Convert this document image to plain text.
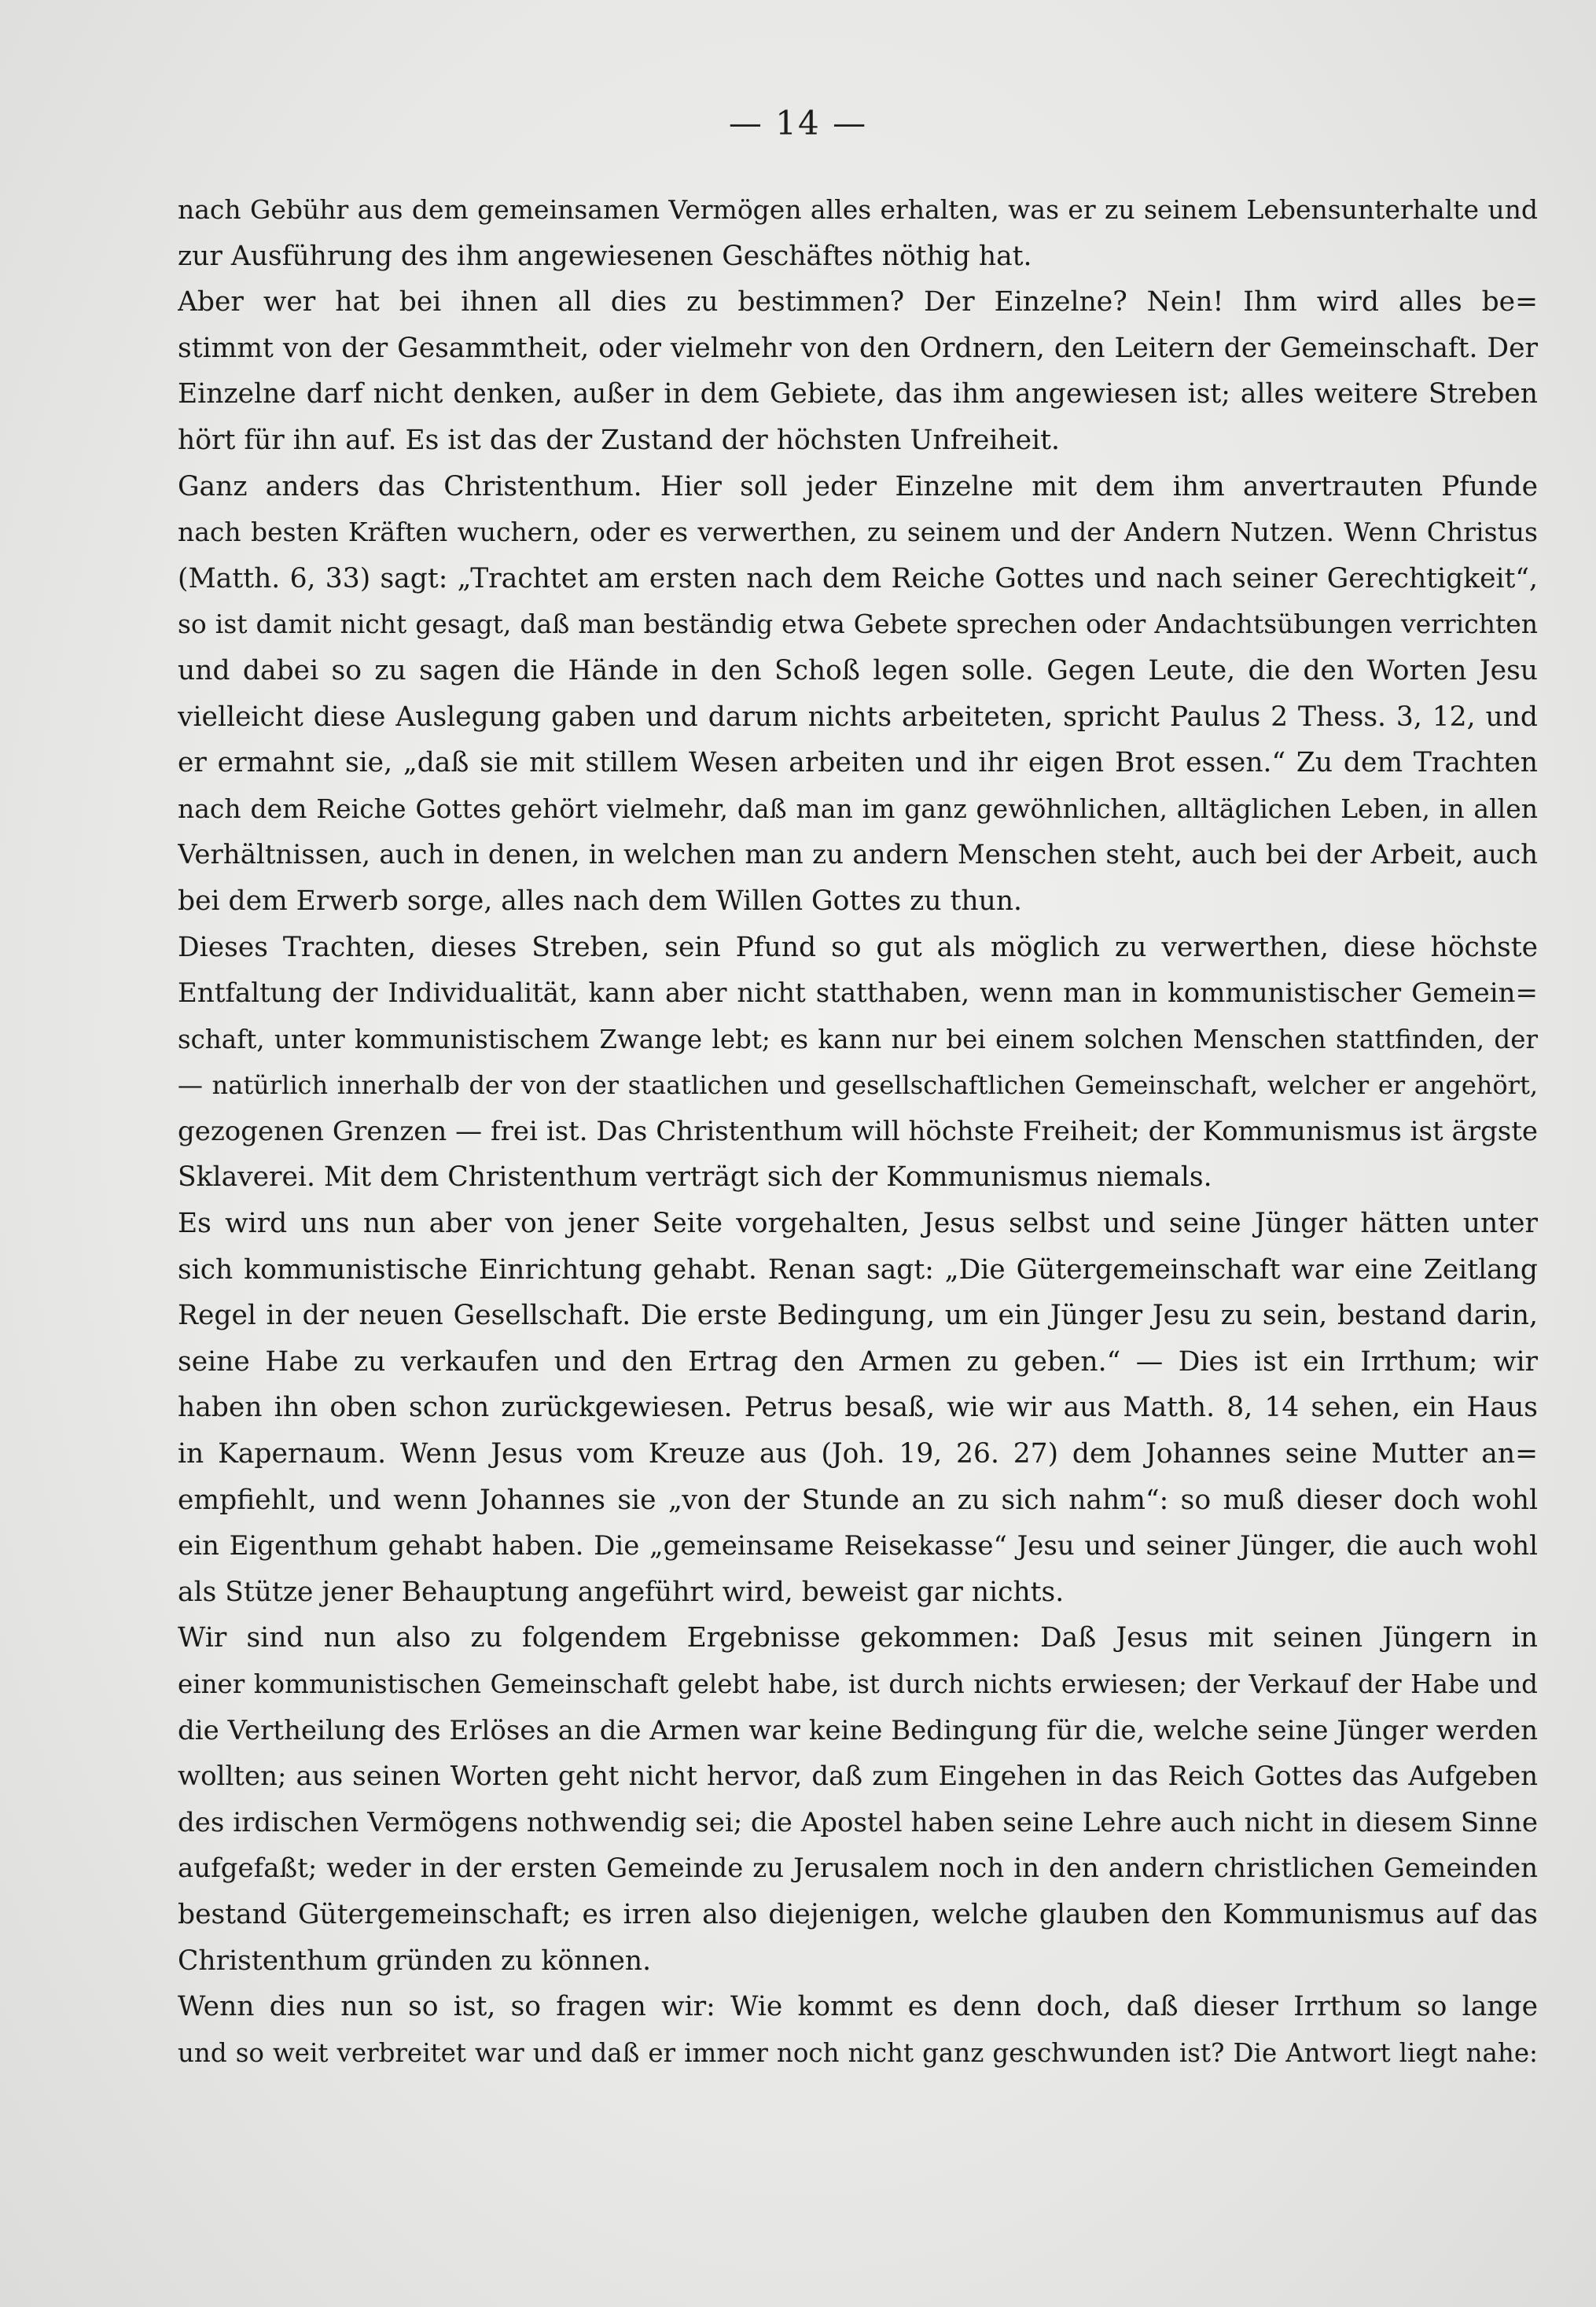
— 14 —
nach Gebühr aus dem gemeinsamen Vermögen alles erhalten, was er zu seinem Lebensunterhalte und
zur Ausführung des ihm angewiesenen Geschäftes nöthig hat.
Aber wer hat bei ihnen all dies zu bestimmen? Der Einzelne? Nein! Ihm wird alles be=
stimmt von der Gesammtheit, oder vielmehr von den Ordnern, den Leitern der Gemeinschaft. Der
Einzelne darf nicht denken, außer in dem Gebiete, das ihm angewiesen ist; alles weitere Streben
hört für ihn auf. Es ist das der Zustand der höchsten Unfreiheit.
Ganz anders das Christenthum. Hier soll jeder Einzelne mit dem ihm anvertrauten Pfunde
nach besten Kräften wuchern, oder es verwerthen, zu seinem und der Andern Nutzen. Wenn Christus
(Matth. 6, 33) sagt: „Trachtet am ersten nach dem Reiche Gottes und nach seiner Gerechtigkeit“,
so ist damit nicht gesagt, daß man beständig etwa Gebete sprechen oder Andachtsübungen verrichten
und dabei so zu sagen die Hände in den Schoß legen solle. Gegen Leute, die den Worten Jesu
vielleicht diese Auslegung gaben und darum nichts arbeiteten, spricht Paulus 2 Thess. 3, 12, und
er ermahnt sie, „daß sie mit stillem Wesen arbeiten und ihr eigen Brot essen.“ Zu dem Trachten
nach dem Reiche Gottes gehört vielmehr, daß man im ganz gewöhnlichen, alltäglichen Leben, in allen
Verhältnissen, auch in denen, in welchen man zu andern Menschen steht, auch bei der Arbeit, auch
bei dem Erwerb sorge, alles nach dem Willen Gottes zu thun.
Dieses Trachten, dieses Streben, sein Pfund so gut als möglich zu verwerthen, diese höchste
Entfaltung der Individualität, kann aber nicht statthaben, wenn man in kommunistischer Gemein=
schaft, unter kommunistischem Zwange lebt; es kann nur bei einem solchen Menschen stattfinden, der
— natürlich innerhalb der von der staatlichen und gesellschaftlichen Gemeinschaft, welcher er angehört,
gezogenen Grenzen — frei ist. Das Christenthum will höchste Freiheit; der Kommunismus ist ärgste
Sklaverei. Mit dem Christenthum verträgt sich der Kommunismus niemals.
Es wird uns nun aber von jener Seite vorgehalten, Jesus selbst und seine Jünger hätten unter
sich kommunistische Einrichtung gehabt. Renan sagt: „Die Gütergemeinschaft war eine Zeitlang
Regel in der neuen Gesellschaft. Die erste Bedingung, um ein Jünger Jesu zu sein, bestand darin,
seine Habe zu verkaufen und den Ertrag den Armen zu geben.“ — Dies ist ein Irrthum; wir
haben ihn oben schon zurückgewiesen. Petrus besaß, wie wir aus Matth. 8, 14 sehen, ein Haus
in Kapernaum. Wenn Jesus vom Kreuze aus (Joh. 19, 26. 27) dem Johannes seine Mutter an=
empfiehlt, und wenn Johannes sie „von der Stunde an zu sich nahm“: so muß dieser doch wohl
ein Eigenthum gehabt haben. Die „gemeinsame Reisekasse“ Jesu und seiner Jünger, die auch wohl
als Stütze jener Behauptung angeführt wird, beweist gar nichts.
Wir sind nun also zu folgendem Ergebnisse gekommen: Daß Jesus mit seinen Jüngern in
einer kommunistischen Gemeinschaft gelebt habe, ist durch nichts erwiesen; der Verkauf der Habe und
die Vertheilung des Erlöses an die Armen war keine Bedingung für die, welche seine Jünger werden
wollten; aus seinen Worten geht nicht hervor, daß zum Eingehen in das Reich Gottes das Aufgeben
des irdischen Vermögens nothwendig sei; die Apostel haben seine Lehre auch nicht in diesem Sinne
aufgefaßt; weder in der ersten Gemeinde zu Jerusalem noch in den andern christlichen Gemeinden
bestand Gütergemeinschaft; es irren also diejenigen, welche glauben den Kommunismus auf das
Christenthum gründen zu können.
Wenn dies nun so ist, so fragen wir: Wie kommt es denn doch, daß dieser Irrthum so lange
und so weit verbreitet war und daß er immer noch nicht ganz geschwunden ist? Die Antwort liegt nahe:
